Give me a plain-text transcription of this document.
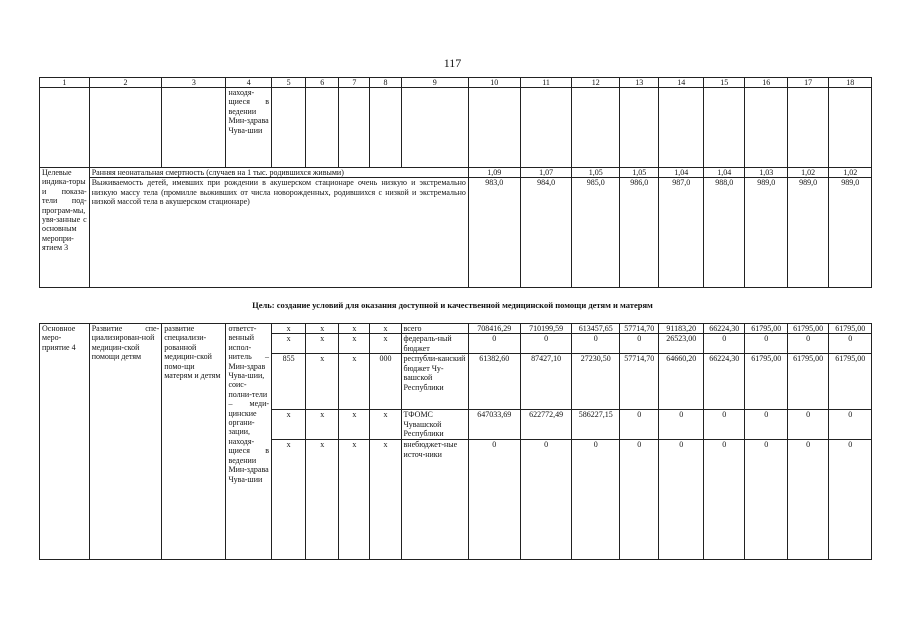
117
1	2	3	4	5	6	7	8	9	10	11	12	13	14	15	16	17	18
			находя-щиеся в ведении Мин-здрава Чува-шии														
Целевые индика-торы и показа-тели под-програм-мы, увя-занные с основным меропри-ятием 3	Ранняя неонатальная смертность (случаев на 1 тыс. родившихся живыми)								1,09	1,07	1,05	1,05	1,04	1,04	1,03	1,02	1,02
	Выживаемость детей, имевших при рождении в акушерском стационаре очень низкую и экстремально низкую массу тела (промилле выживших от числа новорожденных, родившихся с низкой и экстремально низкой массой тела в акушерском стационаре)								983,0	984,0	985,0	986,0	987,0	988,0	989,0	989,0	989,0
Цель: создание условий для оказания доступной и качественной медицинской помощи детям и матерям
Основное меро-приятие 4	Развитие спе-циализирован-ной медицин-ской помощи детям	развитие специализи-рованной медицин-ской помо-щи матерям и детям	ответст-венный испол-нитель – Мин-здрав Чува-шии, соис-полни-тели – меди-цинские органи-зации, находя-щиеся в ведении Мин-здрава Чува-шии	x	x	x	x	всего	708416,29	710199,59	613457,65	57714,70	91183,20	66224,30	61795,00	61795,00	61795,00
				x	x	x	x	федераль-ный бюджет	0	0	0	0	26523,00	0	0	0	0
				855	x	x	000	республи-канский бюджет Чу-вашской Республики	61382,60	87427,10	27230,50	57714,70	64660,20	66224,30	61795,00	61795,00	61795,00
				x	x	x	x	ТФОМС Чувашской Республики	647033,69	622772,49	586227,15	0	0	0	0	0	0
				x	x	x	x	внебюджет-ные источ-ники	0	0	0	0	0	0	0	0	0
